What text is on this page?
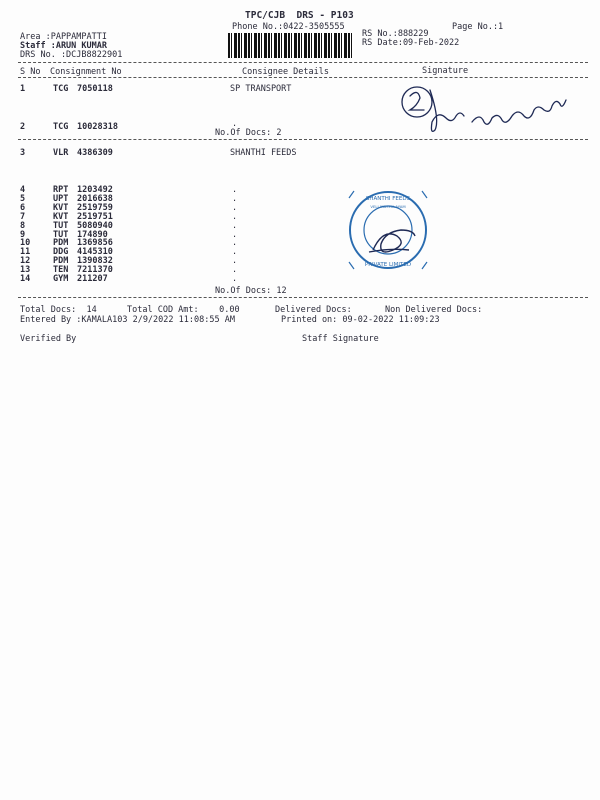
TPC/CJB  DRS - P103
Phone No.:0422-3505555	Page No.:1
Area :PAPPAMPATTI
Staff :ARUN KUMAR
DRS No. :DCJB8822901
RS No.:888229
RS Date:09-Feb-2022
S No Consignment No	Consignee Details	Signature
1	TCG 7050118	SP TRANSPORT
2	TCG 10028318	.
No.Of Docs: 2
3	VLR 4386309	SHANTHI FEEDS
4	RPT 1203492	.
5	UPT 2016638	.
6	KVT 2519759	.
7	KVT 2519751	.
8	TUT 5080940	.
9	TUT 174890	.
10	PDM 1369856	.
11	DDG 4145310	.
12	PDM 1390832	.
13	TEN 7211370	.
14	GYM 211207	.
No.Of Docs: 12
Total Docs:  14	Total COD Amt:    0.00	Delivered Docs:	Non Delivered Docs:
Entered By :KAMALA103 2/9/2022 11:08:55 AM	Printed on: 09-02-2022 11:09:23
Verified By	Staff Signature
SHANTHI FEEDS
PRIVATE LIMITED
VELLIYAMPALAYAM
